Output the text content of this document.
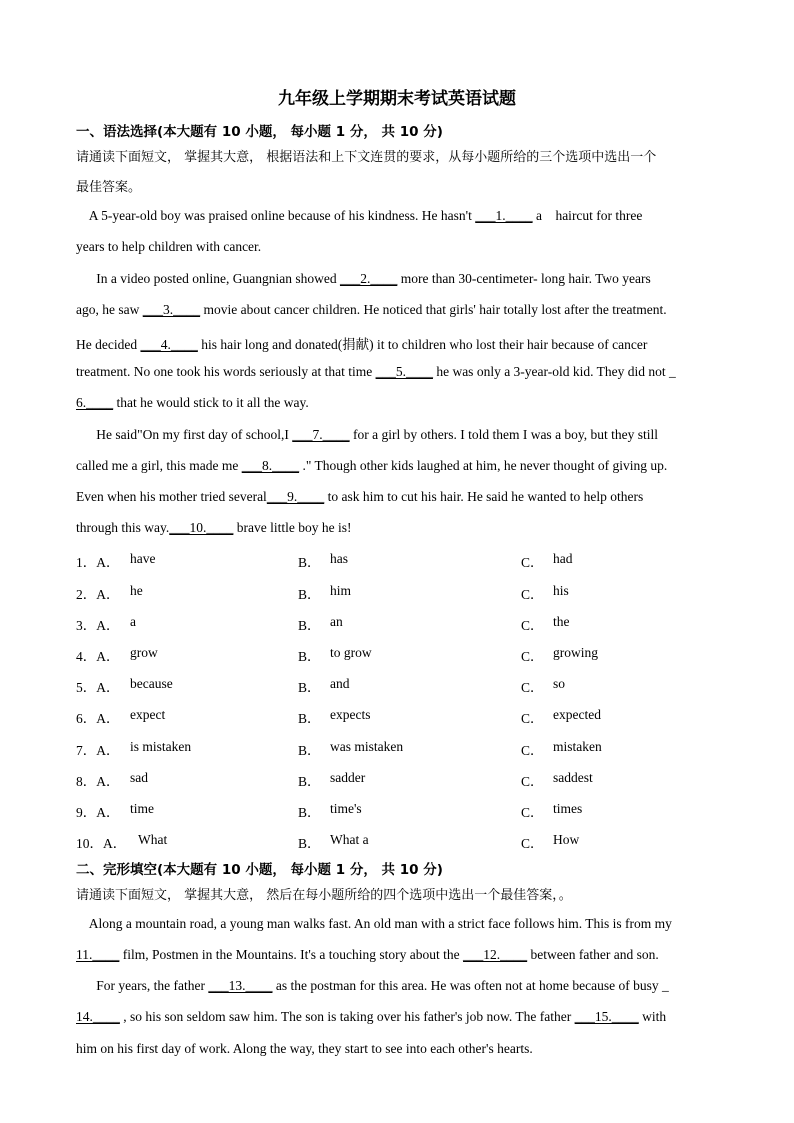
九年级上学期期末考试英语试题
一、语法选择(本大题有 10 小题， 每小题 1 分， 共 10 分)
请通读下面短文， 掌握其大意， 根据语法和上下文连贯的要求，从每小题所给的三个选项中选出一个
最佳答案。
A 5-year-old boy was praised online because of his kindness. He hasn't ___1.____ a    haircut for three
years to help children with cancer.
In a video posted online, Guangnian showed ___2.____ more than 30-centimeter- long hair. Two years
ago, he saw ___3.____ movie about cancer children. He noticed that girls' hair totally lost after the treatment.
He decided ___4.____ his hair long and donated(捐献) it to children who lost their hair because of cancer
treatment. No one took his words seriously at that time ___5.____ he was only a 3-year-old kid. They did not _
6.____ that he would stick to it all the way.
He said"On my first day of school,I ___7.____ for a girl by others. I told them I was a boy, but they still
called me a girl, this made me ___8.____ ." Though other kids laughed at him, he never thought of giving up.
Even when his mother tried several___9.____ to ask him to cut his hair. He said he wanted to help others
through this way.___10.____ brave little boy he is!
1．A． have	B． has	C． had
2．A． he	B． him	C． his
3．A． a	B． an	C． the
4．A． grow	B． to grow	C． growing
5．A． because	B． and	C． so
6．A． expect	B． expects	C． expected
7．A． is mistaken	B． was mistaken	C． mistaken
8．A． sad	B． sadder	C． saddest
9．A． time	B． time's	C． times
10．A． What	B． What a	C． How
二、完形填空(本大题有 10 小题， 每小题 1 分， 共 10 分)
请通读下面短文， 掌握其大意， 然后在每小题所给的四个选项中选出一个最佳答案，。
Along a mountain road, a young man walks fast. An old man with a strict face follows him. This is from my
11.____ film, Postmen in the Mountains. It's a touching story about the ___12.____ between father and son.
For years, the father ___13.____ as the postman for this area. He was often not at home because of busy _
14.____ , so his son seldom saw him. The son is taking over his father's job now. The father ___15.____ with
him on his first day of work. Along the way, they start to see into each other's hearts.
